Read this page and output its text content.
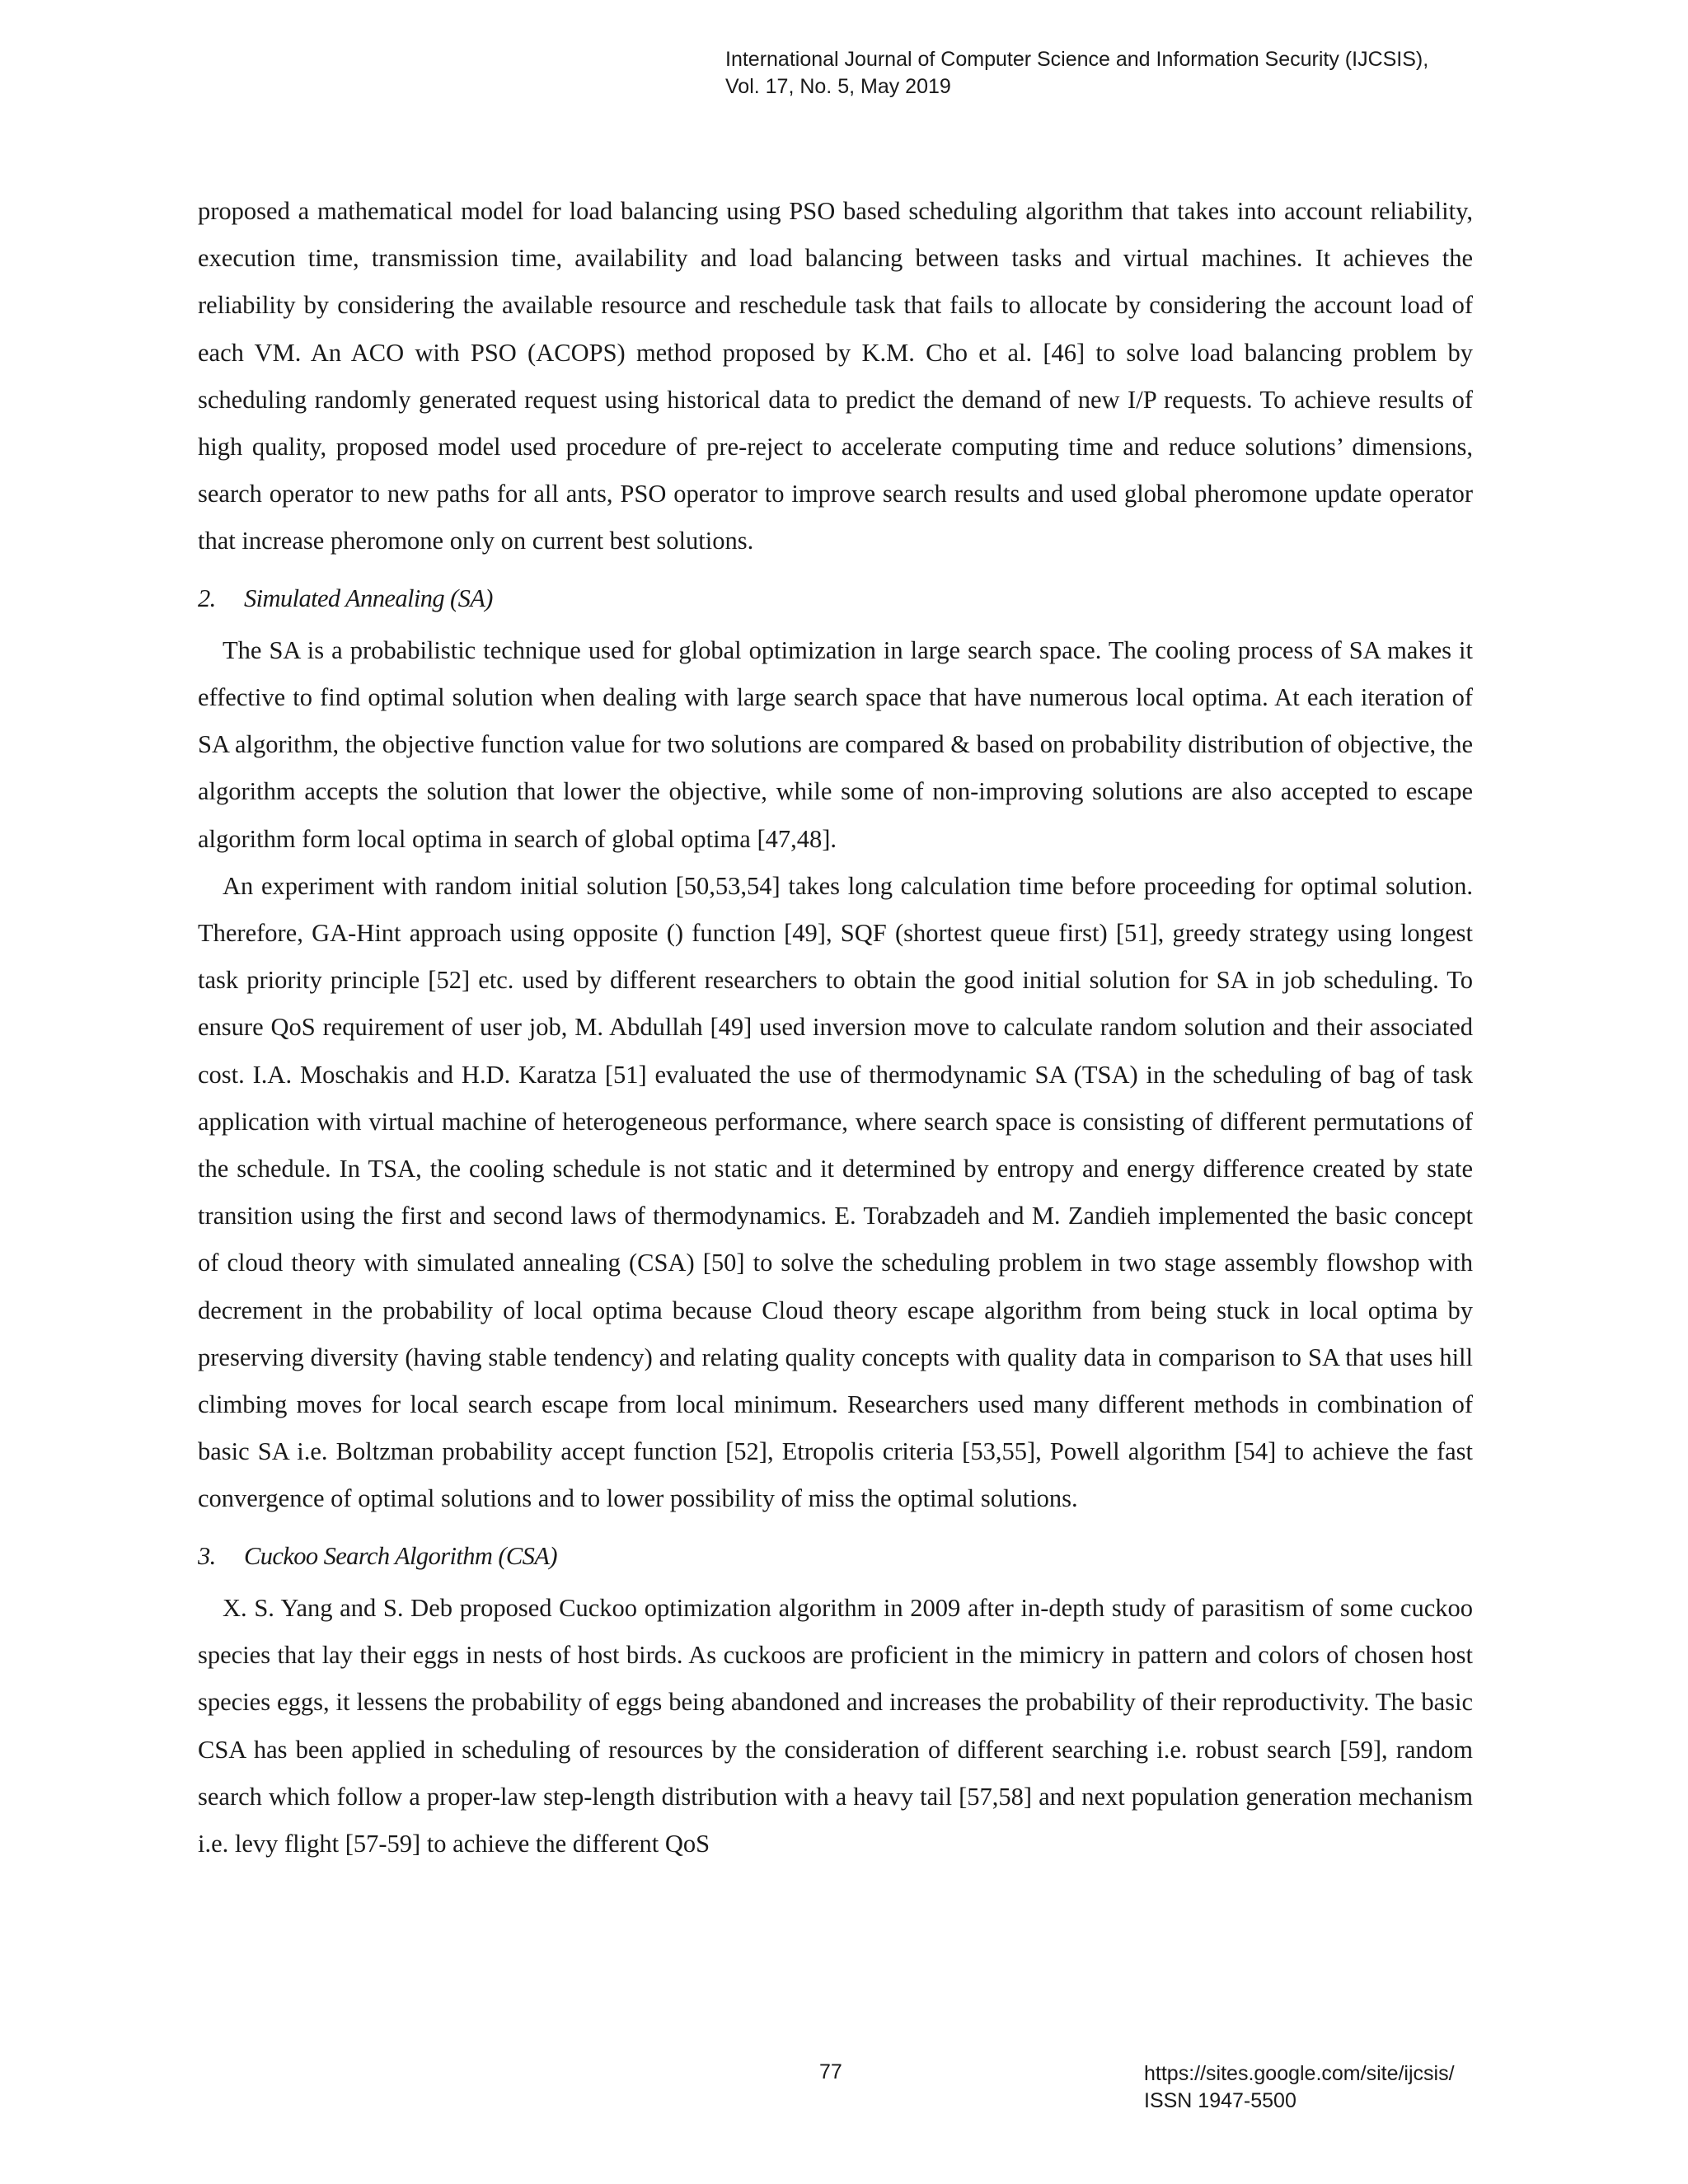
International Journal of Computer Science and Information Security (IJCSIS),
Vol. 17, No. 5, May 2019

proposed a mathematical model for load balancing using PSO based scheduling algorithm that takes into account reliability, execution time, transmission time, availability and load balancing between tasks and virtual machines. It achieves the reliability by considering the available resource and reschedule task that fails to allocate by considering the account load of each VM. An ACO with PSO (ACOPS) method proposed by K.M. Cho et al. [46] to solve load balancing problem by scheduling randomly generated request using historical data to predict the demand of new I/P requests. To achieve results of high quality, proposed model used procedure of pre-reject to accelerate computing time and reduce solutions’ dimensions, search operator to new paths for all ants, PSO operator to improve search results and used global pheromone update operator that increase pheromone only on current best solutions.

2. Simulated Annealing (SA)

The SA is a probabilistic technique used for global optimization in large search space. The cooling process of SA makes it effective to find optimal solution when dealing with large search space that have numerous local optima. At each iteration of SA algorithm, the objective function value for two solutions are compared & based on probability distribution of objective, the algorithm accepts the solution that lower the objective, while some of non-improving solutions are also accepted to escape algorithm form local optima in search of global optima [47,48].

An experiment with random initial solution [50,53,54] takes long calculation time before proceeding for optimal solution. Therefore, GA-Hint approach using opposite () function [49], SQF (shortest queue first) [51], greedy strategy using longest task priority principle [52] etc. used by different researchers to obtain the good initial solution for SA in job scheduling. To ensure QoS requirement of user job, M. Abdullah [49] used inversion move to calculate random solution and their associated cost. I.A. Moschakis and H.D. Karatza [51] evaluated the use of thermodynamic SA (TSA) in the scheduling of bag of task application with virtual machine of heterogeneous performance, where search space is consisting of different permutations of the schedule. In TSA, the cooling schedule is not static and it determined by entropy and energy difference created by state transition using the first and second laws of thermodynamics. E. Torabzadeh and M. Zandieh implemented the basic concept of cloud theory with simulated annealing (CSA) [50] to solve the scheduling problem in two stage assembly flowshop with decrement in the probability of local optima because Cloud theory escape algorithm from being stuck in local optima by preserving diversity (having stable tendency) and relating quality concepts with quality data in comparison to SA that uses hill climbing moves for local search escape from local minimum. Researchers used many different methods in combination of basic SA i.e. Boltzman probability accept function [52], Etropolis criteria [53,55], Powell algorithm [54] to achieve the fast convergence of optimal solutions and to lower possibility of miss the optimal solutions.

3. Cuckoo Search Algorithm (CSA)

X. S. Yang and S. Deb proposed Cuckoo optimization algorithm in 2009 after in-depth study of parasitism of some cuckoo species that lay their eggs in nests of host birds. As cuckoos are proficient in the mimicry in pattern and colors of chosen host species eggs, it lessens the probability of eggs being abandoned and increases the probability of their reproductivity. The basic CSA has been applied in scheduling of resources by the consideration of different searching i.e. robust search [59], random search which follow a proper-law step-length distribution with a heavy tail [57,58] and next population generation mechanism i.e. levy flight [57-59] to achieve the different QoS

77	https://sites.google.com/site/ijcsis/
ISSN 1947-5500
